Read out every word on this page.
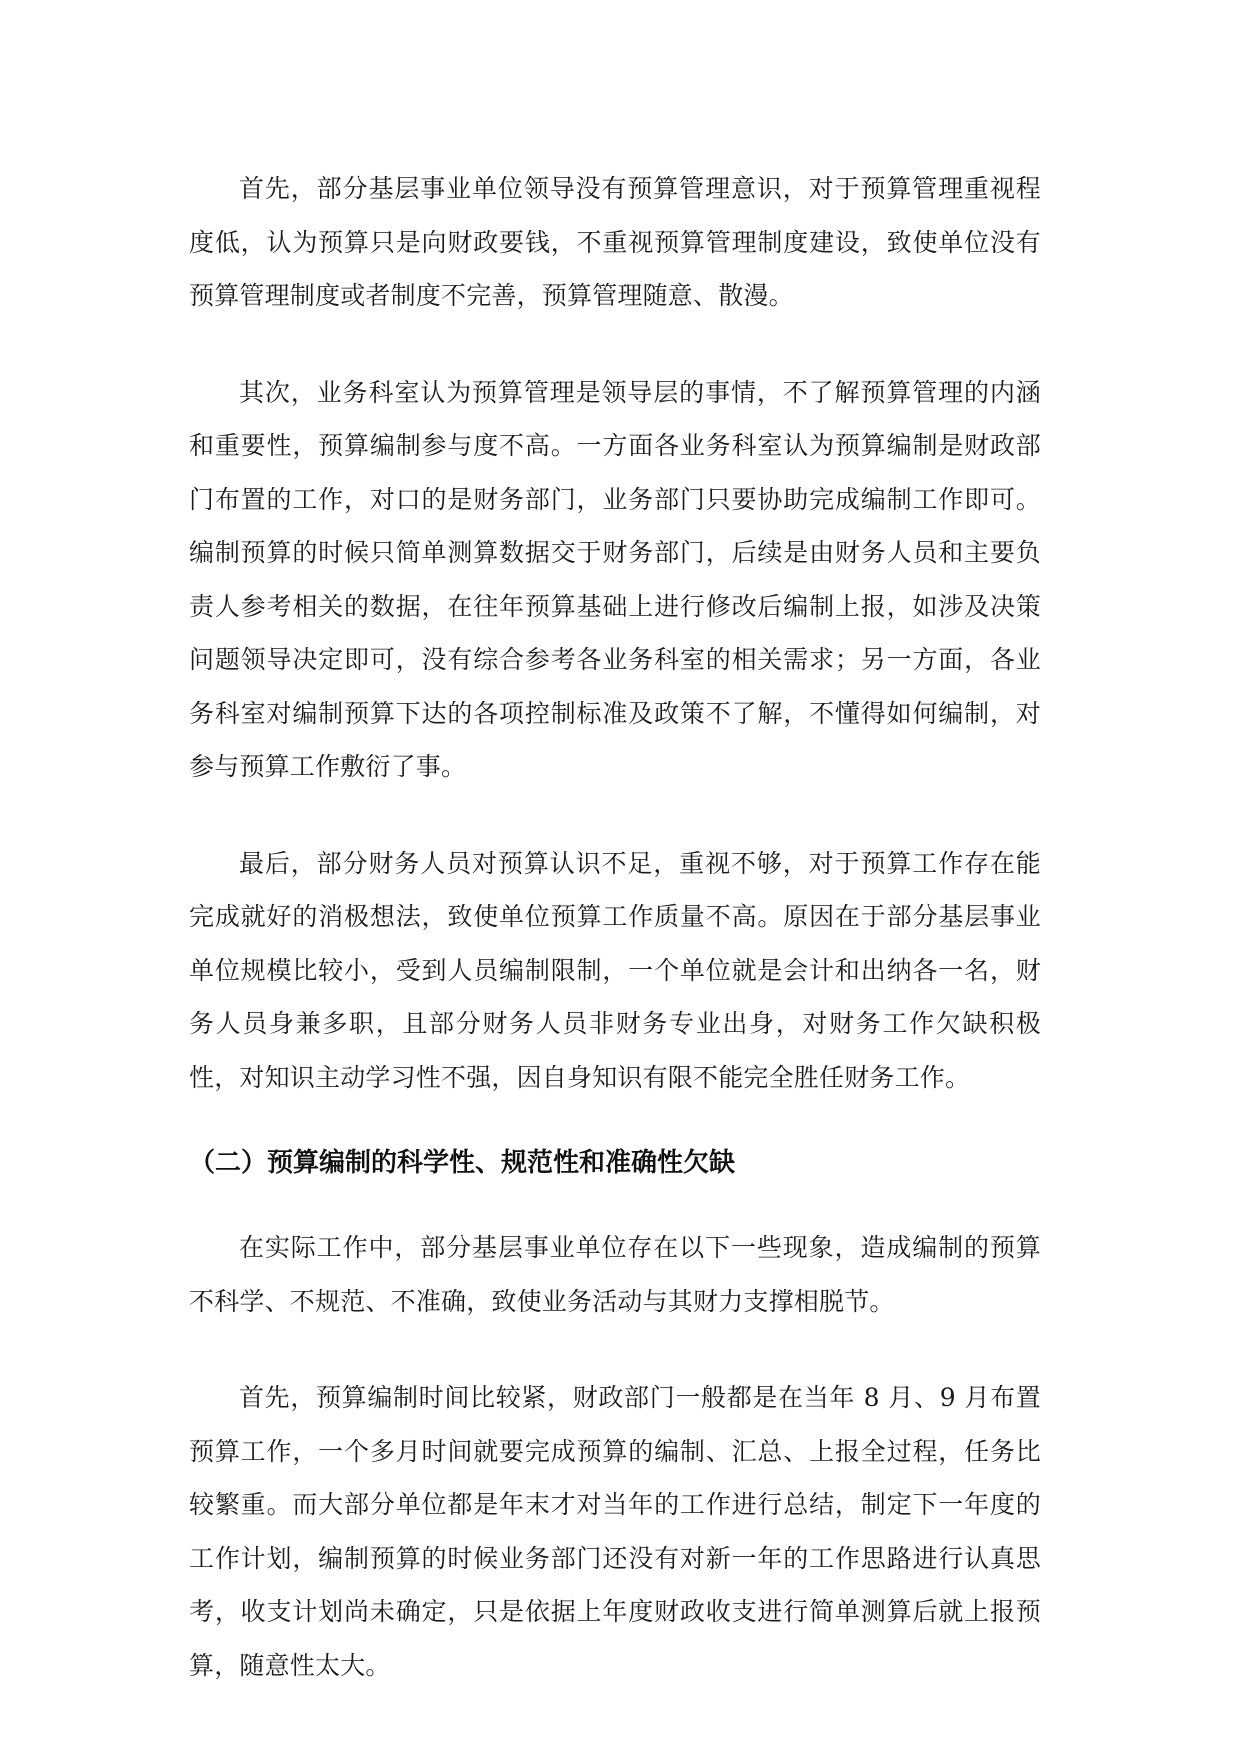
首先，部分基层事业单位领导没有预算管理意识，对于预算管理重视程度低，认为预算只是向财政要钱，不重视预算管理制度建设，致使单位没有预算管理制度或者制度不完善，预算管理随意、散漫。

其次，业务科室认为预算管理是领导层的事情，不了解预算管理的内涵和重要性，预算编制参与度不高。一方面各业务科室认为预算编制是财政部门布置的工作，对口的是财务部门，业务部门只要协助完成编制工作即可。编制预算的时候只简单测算数据交于财务部门，后续是由财务人员和主要负责人参考相关的数据，在往年预算基础上进行修改后编制上报，如涉及决策问题领导决定即可，没有综合参考各业务科室的相关需求；另一方面，各业务科室对编制预算下达的各项控制标准及政策不了解，不懂得如何编制，对参与预算工作敷衍了事。

最后，部分财务人员对预算认识不足，重视不够，对于预算工作存在能完成就好的消极想法，致使单位预算工作质量不高。原因在于部分基层事业单位规模比较小，受到人员编制限制，一个单位就是会计和出纳各一名，财务人员身兼多职，且部分财务人员非财务专业出身，对财务工作欠缺积极性，对知识主动学习性不强，因自身知识有限不能完全胜任财务工作。

（二）预算编制的科学性、规范性和准确性欠缺

在实际工作中，部分基层事业单位存在以下一些现象，造成编制的预算不科学、不规范、不准确，致使业务活动与其财力支撑相脱节。

首先，预算编制时间比较紧，财政部门一般都是在当年 8 月、9 月布置预算工作，一个多月时间就要完成预算的编制、汇总、上报全过程，任务比较繁重。而大部分单位都是年末才对当年的工作进行总结，制定下一年度的工作计划，编制预算的时候业务部门还没有对新一年的工作思路进行认真思考，收支计划尚未确定，只是依据上年度财政收支进行简单测算后就上报预算，随意性太大。
